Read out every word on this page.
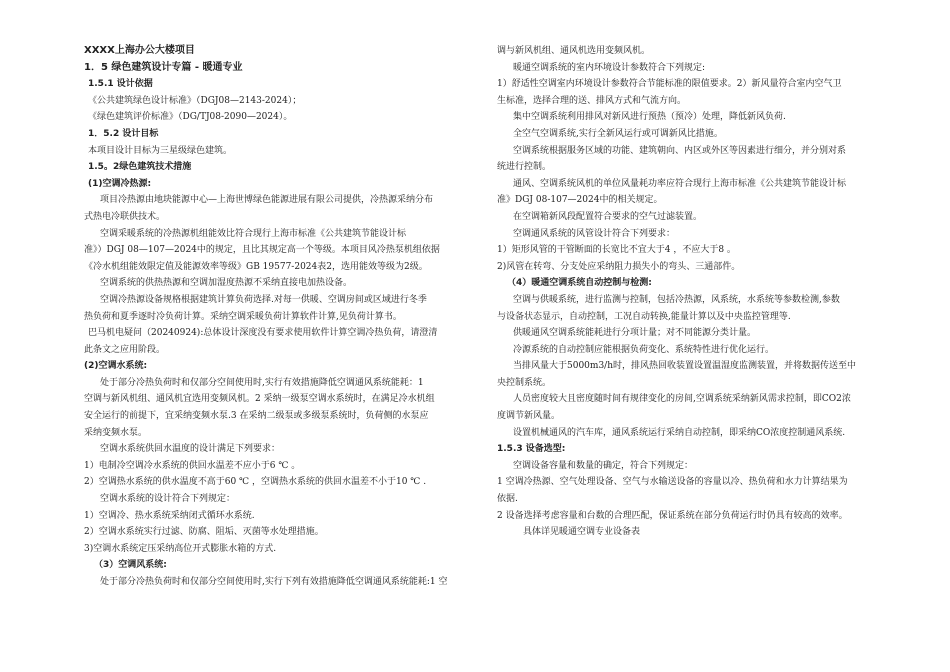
XXXX上海办公大楼项目
1．5 绿色建筑设计专篇 - 暖通专业
1.5.1 设计依据
《公共建筑绿色设计标准》（DGJ08—2143-2024）；
《绿色建筑评价标准》（DG/TJ08-2090—2024）。
1．5.2 设计目标
本项目设计目标为三星级绿色建筑。
1.5。2绿色建筑技术措施
(1)空调冷热源:
项目冷热源由地块能源中心—上海世博绿色能源进展有限公司提供，冷热源采纳分布
式热电冷联供技术。
空调采暖系统的冷热源机组能效比符合现行上海市标准《公共建筑节能设计标
准》）DGJ 08—107—2024中的规定，且比其规定高一个等级。本项目风冷热泵机组依据
《冷水机组能效限定值及能源效率等级》GB 19577-2024表2，选用能效等级为2级。
空调系统的供热热源和空调加湿度热源不采纳直接电加热设备。
空调冷热源设备规格根据建筑计算负荷选择.对每一供暖、空调房间或区域进行冬季
热负荷和夏季逐时冷负荷计算。采纳空调采暖负荷计算软件计算,见负荷计算书。
巴马机电疑问（20240924):总体设计深度没有要求使用软件计算空调冷热负荷，请澄清
此条文之应用阶段。
(2)空调水系统:
处于部分冷热负荷时和仅部分空间使用时,实行有效措施降低空调通风系统能耗：1
空调与新风机组、通风机宜选用变频风机。2 采纳一级泵空调水系统时，在满足冷水机组
安全运行的前提下，宜采纳变频水泵.3 在采纳二级泵或多级泵系统时，负荷侧的水泵应
采纳变频水泵。
空调水系统供回水温度的设计满足下列要求：
1）电制冷空调冷水系统的供回水温差不应小于6 ℃ 。
2）空调热水系统的供水温度不高于60 ℃ ，空调热水系统的供回水温差不小于10 ℃ .
空调水系统的设计符合下列规定：
1）空调冷、热水系统采纳闭式循环水系统.
2）空调水系统实行过滤、防腐、阻垢、灭菌等水处理措施。
3)空调水系统定压采纳高位开式膨胀水箱的方式.
（3）空调风系统:
处于部分冷热负荷时和仅部分空间使用时,实行下列有效措施降低空调通风系统能耗:1 空
调与新风机组、通风机选用变频风机。
暖通空调系统的室内环境设计参数符合下列规定:
1）舒适性空调室内环境设计参数符合节能标准的限值要求。2）新风量符合室内空气卫
生标准，选择合理的送、排风方式和气流方向。
集中空调系统利用排风对新风进行预热（预冷）处理，降低新风负荷.
全空气空调系统,实行全新风运行或可调新风比措施。
空调系统根据服务区域的功能、建筑朝向、内区或外区等因素进行细分，并分别对系
统进行控制。
通风、空调系统风机的单位风量耗功率应符合现行上海市标准《公共建筑节能设计标
准》DGJ 08-107—2024中的相关规定。
在空调箱新风段配置符合要求的空气过滤装置。
空调通风系统的风管设计符合下列要求：
1）矩形风管的干管断面的长宽比不宜大于4 ，不应大于8 。
2)风管在转弯、分支处应采纳阻力损失小的弯头、三通部件。
（4）暖通空调系统自动控制与检测:
空调与供暖系统，进行监测与控制，包括冷热源，风系统，水系统等参数检测,参数
与设备状态显示，自动控制，工况自动转换,能量计算以及中央监控管理等.
供暖通风空调系统能耗进行分项计量；对不同能源分类计量。
冷源系统的自动控制应能根据负荷变化、系统特性进行优化运行。
当排风量大于5000m3/h时，排风热回收装置设置温湿度监测装置，并将数据传送至中
央控制系统。
人员密度较大且密度随时间有规律变化的房间,空调系统采纳新风需求控制，即CO2浓
度调节新风量。
设置机械通风的汽车库，通风系统运行采纳自动控制，即采纳CO浓度控制通风系统.
1.5.3 设备选型:
空调设备容量和数量的确定，符合下列规定：
1 空调冷热源、空气处理设备、空气与水输送设备的容量以冷、热负荷和水力计算结果为
依据.
2 设备选择考虑容量和台数的合理匹配，保证系统在部分负荷运行时仍具有较高的效率。
具体详见暖通空调专业设备表
